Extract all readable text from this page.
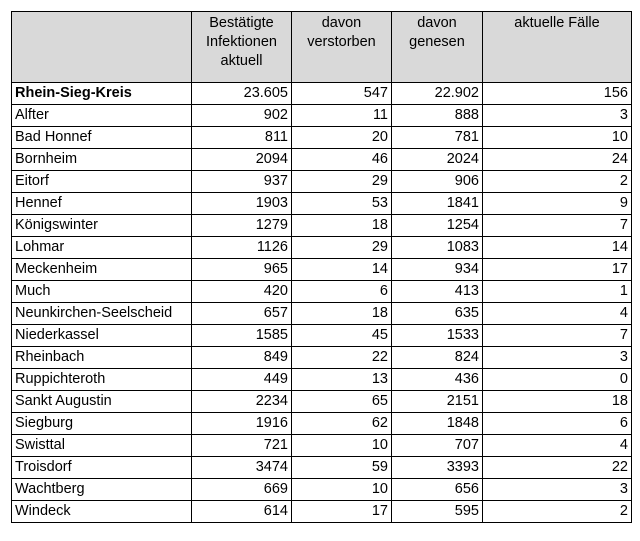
	Bestätigte Infektionen aktuell	davon verstorben	davon genesen	aktuelle Fälle
Rhein-Sieg-Kreis	23.605	547	22.902	156
Alfter	902	11	888	3
Bad Honnef	811	20	781	10
Bornheim	2094	46	2024	24
Eitorf	937	29	906	2
Hennef	1903	53	1841	9
Königswinter	1279	18	1254	7
Lohmar	1126	29	1083	14
Meckenheim	965	14	934	17
Much	420	6	413	1
Neunkirchen-Seelscheid	657	18	635	4
Niederkassel	1585	45	1533	7
Rheinbach	849	22	824	3
Ruppichteroth	449	13	436	0
Sankt Augustin	2234	65	2151	18
Siegburg	1916	62	1848	6
Swisttal	721	10	707	4
Troisdorf	3474	59	3393	22
Wachtberg	669	10	656	3
Windeck	614	17	595	2
